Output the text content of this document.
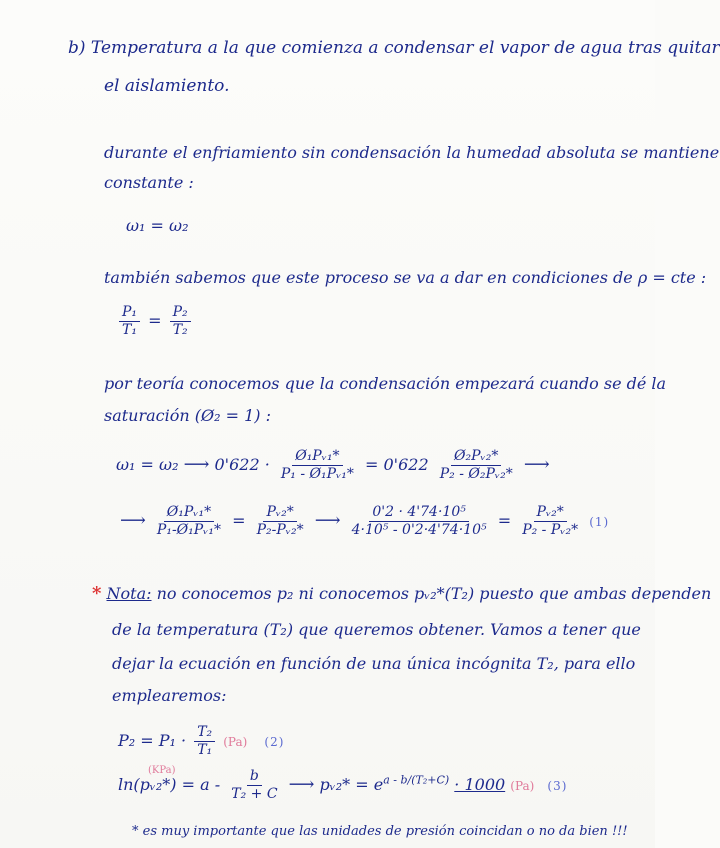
b) Temperatura a la que comienza a condensar el vapor de agua tras quitar
el aislamiento.
durante el enfriamiento sin condensación la humedad absoluta se mantiene
constante :
ω₁ = ω₂
también sabemos que este proceso se va a dar en condiciones de ρ = cte :
$\frac{\text{P₁}}{\text{T₁}} = \frac{\text{P₂}}{\text{T₂}}$
por teoría conocemos que la condensación empezará cuando se dé la
saturación (Ø₂ = 1) :
ω₁ = ω₂ ⟶ $0'622 \cdot \frac{\text{Ø₁Pᵥ₁*}}{\text{P₁ - Ø₁Pᵥ₁*}} = 0'622 \frac{\text{Ø₂Pᵥ₂*}}{\text{P₂ - Ø₂Pᵥ₂*}}$ ⟶
⟶ $\frac{\text{Ø₁Pᵥ₁*}}{\text{P₁-Ø₁Pᵥ₁*}} = \frac{\text{Pᵥ₂*}}{\text{P₂-Pᵥ₂*}}$ ⟶ $\frac{\text{0'2 · 4'74·10⁵}}{\text{4·10⁵ - 0'2·4'74·10⁵}} = \frac{\text{Pᵥ₂*}}{\text{P₂ - Pᵥ₂*}} (1)$
* Nota: no conocemos p₂ ni conocemos pᵥ₂*(T₂) puesto que ambas dependen
de la temperatura (T₂) que queremos obtener. Vamos a tener que
dejar la ecuación en función de una única incógnita T₂, para ello
emplearemos:
$P_2 = P_1 \cdot \frac{\text{T₂}}{\text{T₁}} (Pa)$ (2)
(KPa)
ln(pᵥ₂*) = a - $\frac{b}{\text{T₂ + C}}$ ⟶ pᵥ₂* = $e^{a - b/(T_2+C)} \cdot 1000$ (Pa) (3)
* es muy importante que las unidades de presión coincidan o no da bien !!!
